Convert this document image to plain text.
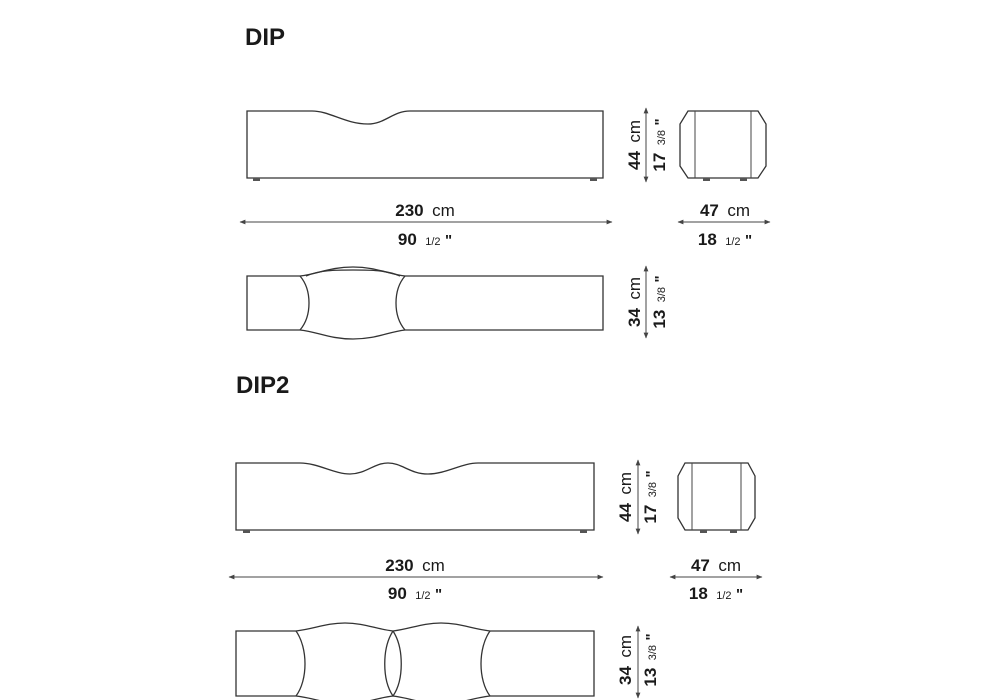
DIP
230 cm
90 1/2 "
44 cm
17 3/8 "
47 cm
18 1/2 "
34 cm
13 3/8 "
DIP2
230 cm
90 1/2 "
44 cm
17 3/8 "
47 cm
18 1/2 "
34 cm
13 3/8 "
